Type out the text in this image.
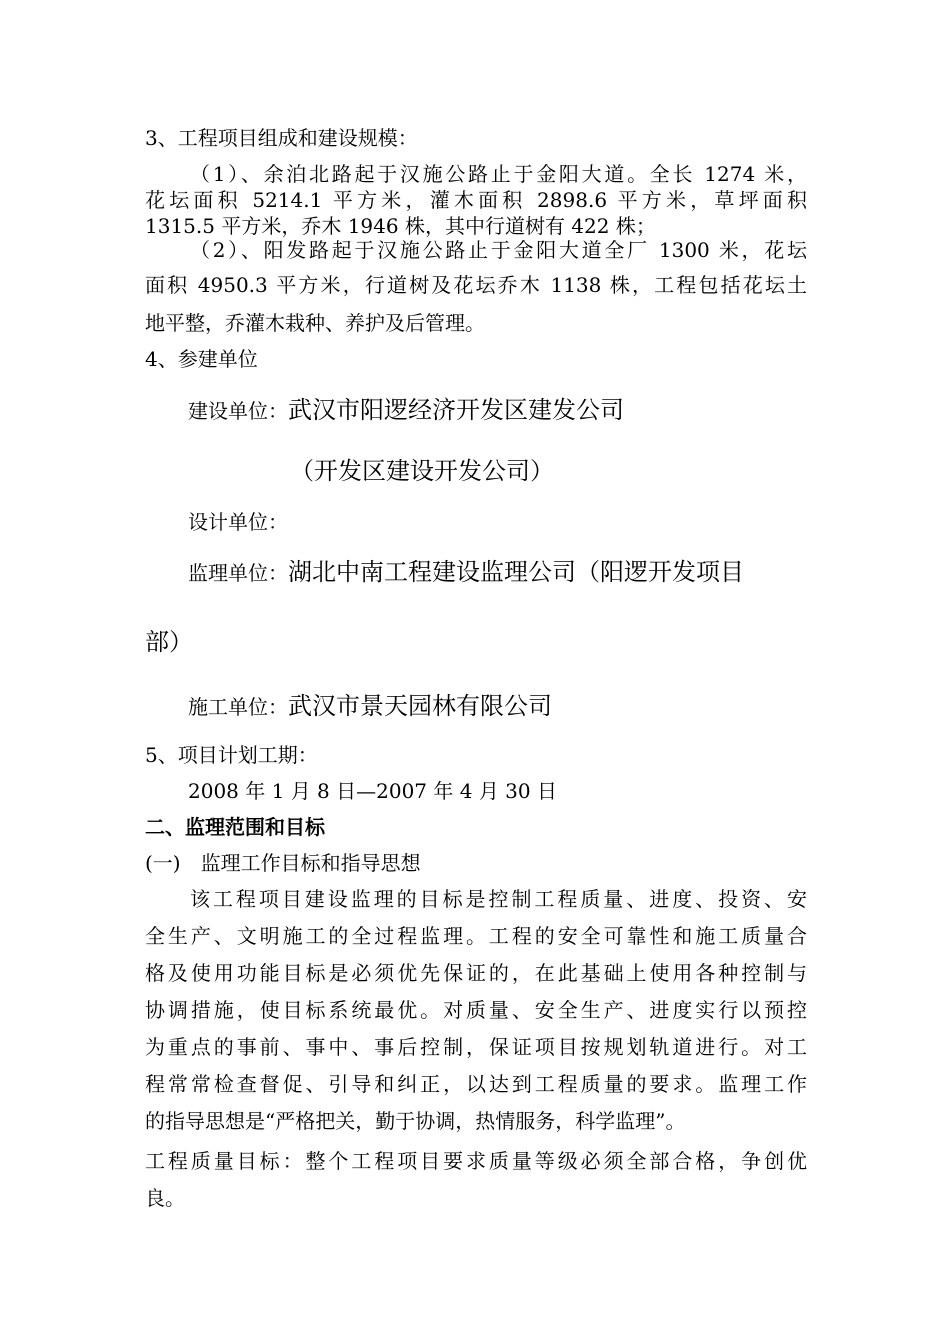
3、工程项目组成和建设规模：
（1）、余泊北路起于汉施公路止于金阳大道。全长 1274 米，
花坛面积 5214.1 平方米，灌木面积 2898.6 平方米，草坪面积
1315.5 平方米，乔木 1946 株，其中行道树有 422 株；
（2）、阳发路起于汉施公路止于金阳大道全厂 1300 米，花坛
面积 4950.3 平方米，行道树及花坛乔木 1138 株，工程包括花坛土
地平整，乔灌木栽种、养护及后管理。
4、参建单位
建设单位：武汉市阳逻经济开发区建发公司
（开发区建设开发公司）
设计单位：
监理单位：湖北中南工程建设监理公司（阳逻开发项目
部）
施工单位：武汉市景天园林有限公司
5、项目计划工期：
2008 年 1 月 8 日—2007 年 4 月 30 日
二、监理范围和目标
(一)　监理工作目标和指导思想
该工程项目建设监理的目标是控制工程质量、进度、投资、安
全生产、文明施工的全过程监理。工程的安全可靠性和施工质量合
格及使用功能目标是必须优先保证的，在此基础上使用各种控制与
协调措施，使目标系统最优。对质量、安全生产、进度实行以预控
为重点的事前、事中、事后控制，保证项目按规划轨道进行。对工
程常常检查督促、引导和纠正，以达到工程质量的要求。监理工作
的指导思想是“严格把关，勤于协调，热情服务，科学监理”。
工程质量目标：整个工程项目要求质量等级必须全部合格，争创优
良。
